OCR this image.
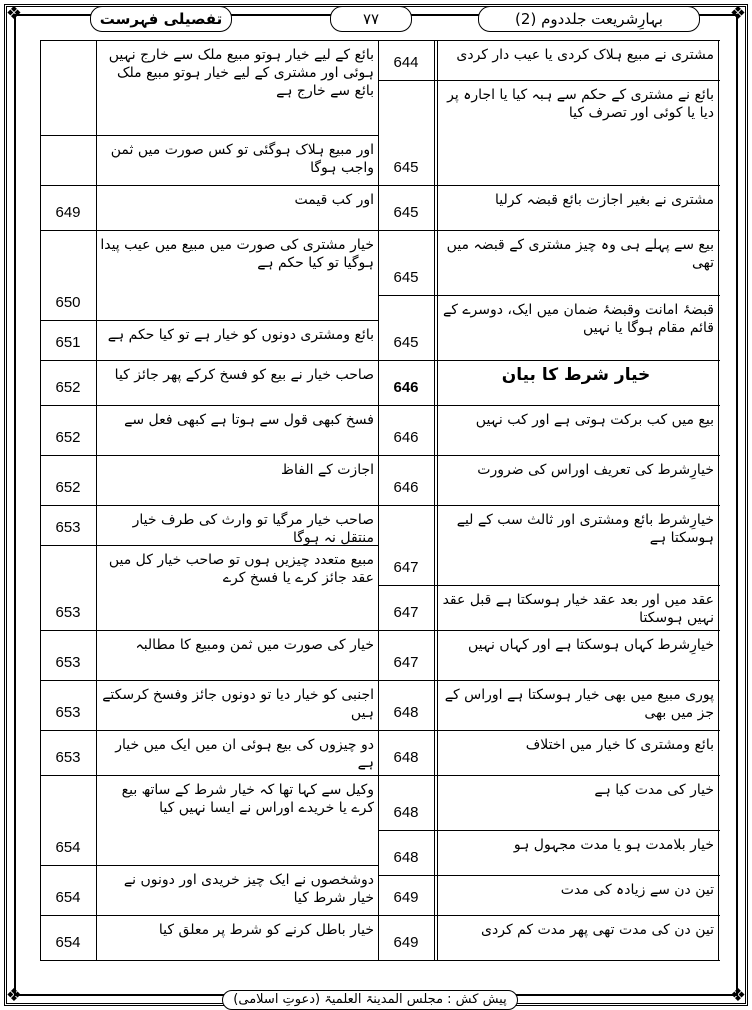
❖	❖
❖	❖
بہارِشریعت جلددوم (2)
۷۷
تفصیلی فہرست
مشتری نے مبیع ہلاک کردی یا عیب دار کردی
644
بائع نے مشتری کے حکم سے ہبہ کیا یا اجارہ پر دیا یا کوئی اور تصرف کیا
645
مشتری نے بغیر اجازت بائع قبضہ کرلیا
645
بیع سے پہلے ہی وہ چیز مشتری کے قبضہ میں تھی
645
قبضۂ امانت وقبضۂ ضمان میں ایک، دوسرے کے قائم مقام ہوگا یا نہیں
645
خیار شرط کا بیان
646
بیع میں کب برکت ہوتی ہے اور کب نہیں
646
خیارِشرط کی تعریف اوراس کی ضرورت
646
خیارِشرط بائع ومشتری اور ثالث سب کے لیے ہوسکتا ہے
647
عقد میں اور بعد عقد خیار ہوسکتا ہے قبل عقد نہیں ہوسکتا
647
خیارِشرط کہاں ہوسکتا ہے اور کہاں نہیں
647
پوری مبیع میں بھی خیار ہوسکتا ہے اوراس کے جز میں بھی
648
بائع ومشتری کا خیار میں اختلاف
648
خیار کی مدت کیا ہے
648
خیار بلامدت ہو یا مدت مجہول ہو
648
تین دن سے زیادہ کی مدت
649
تین دن کی مدت تھی پھر مدت کم کردی
649
بائع کے لیے خیار ہوتو مبیع ملک سے خارج نہیں ہوئی اور مشتری کے لیے خیار ہوتو مبیع ملک بائع سے خارج ہے
اور مبیع ہلاک ہوگئی تو کس صورت میں ثمن واجب ہوگا
اور کب قیمت
649
خیار مشتری کی صورت میں مبیع میں عیب پیدا ہوگیا تو کیا حکم ہے
650
بائع ومشتری دونوں کو خیار ہے تو کیا حکم ہے
651
صاحب خیار نے بیع کو فسخ کرکے پھر جائز کیا
652
فسخ کبھی قول سے ہوتا ہے کبھی فعل سے
652
اجازت کے الفاظ
652
صاحب خیار مرگیا تو وارث کی طرف خیار منتقل نہ ہوگا
653
مبیع متعدد چیزیں ہوں تو صاحب خیار کل میں عقد جائز کرے یا فسخ کرے
653
خیار کی صورت میں ثمن ومبیع کا مطالبہ
653
اجنبی کو خیار دیا تو دونوں جائز وفسخ کرسکتے ہیں
653
دو چیزوں کی بیع ہوئی ان میں ایک میں خیار ہے
653
وکیل سے کہا تھا کہ خیار شرط کے ساتھ بیع کرے یا خریدے اوراس نے ایسا نہیں کیا
654
دوشخصوں نے ایک چیز خریدی اور دونوں نے خیار شرط کیا
654
خیار باطل کرنے کو شرط پر معلق کیا
654
پیش کش : مجلس المدینۃ العلمیۃ (دعوتِ اسلامی)
